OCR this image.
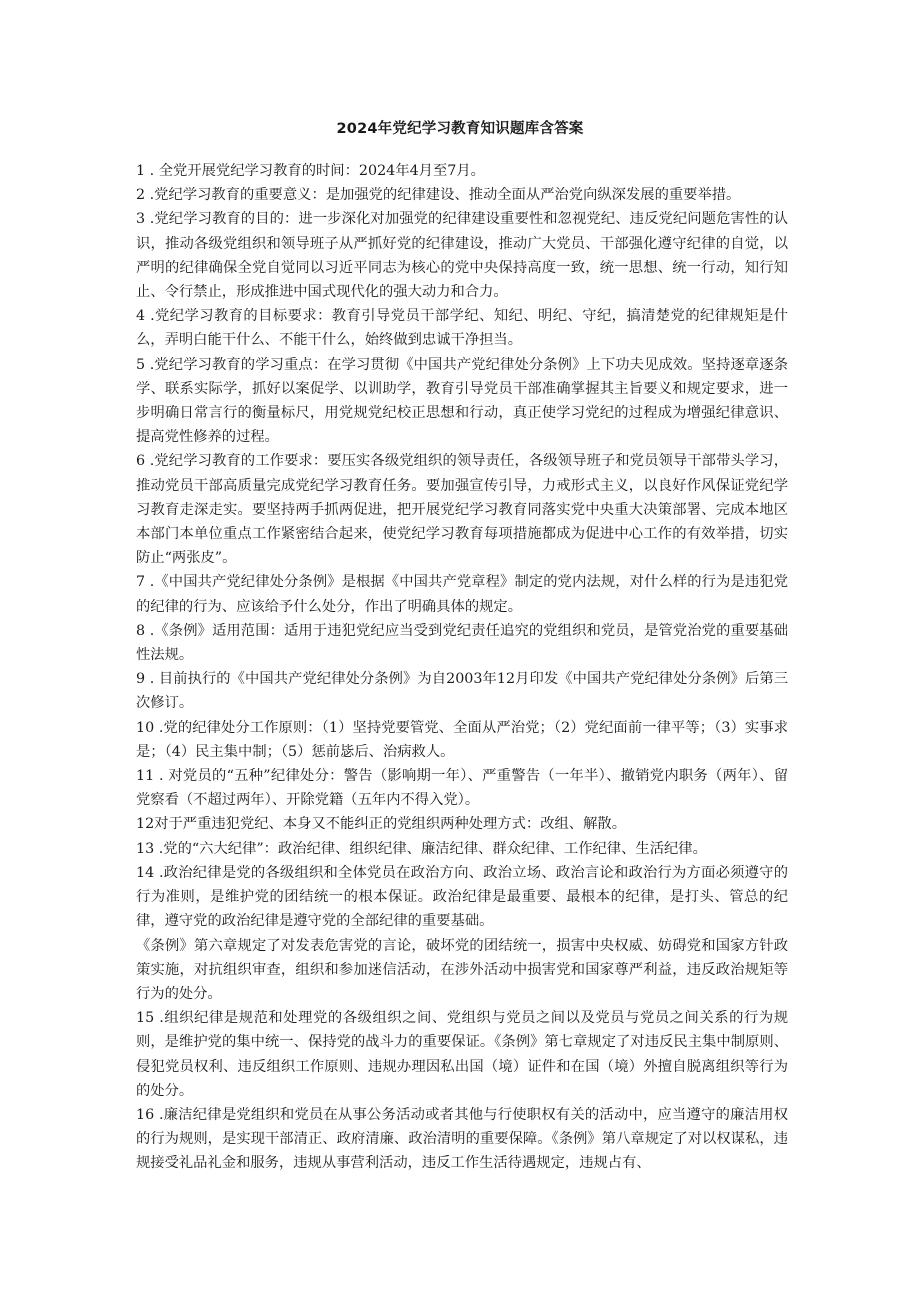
2024年党纪学习教育知识题库含答案

1 . 全党开展党纪学习教育的时间：2024年4月至7月。

2 .党纪学习教育的重要意义：是加强党的纪律建设、推动全面从严治党向纵深发展的重要举措。

3 .党纪学习教育的目的：进一步深化对加强党的纪律建设重要性和忽视党纪、违反党纪问题危害性的认识，推动各级党组织和领导班子从严抓好党的纪律建设，推动广大党员、干部强化遵守纪律的自觉，以严明的纪律确保全党自觉同以习近平同志为核心的党中央保持高度一致，统一思想、统一行动，知行知止、令行禁止，形成推进中国式现代化的强大动力和合力。

4 .党纪学习教育的目标要求：教育引导党员干部学纪、知纪、明纪、守纪，搞清楚党的纪律规矩是什么，弄明白能干什么、不能干什么，始终做到忠诚干净担当。

5 .党纪学习教育的学习重点：在学习贯彻《中国共产党纪律处分条例》上下功夫见成效。坚持逐章逐条学、联系实际学，抓好以案促学、以训助学，教育引导党员干部准确掌握其主旨要义和规定要求，进一步明确日常言行的衡量标尺，用党规党纪校正思想和行动，真正使学习党纪的过程成为增强纪律意识、提高党性修养的过程。

6 .党纪学习教育的工作要求：要压实各级党组织的领导责任，各级领导班子和党员领导干部带头学习，推动党员干部高质量完成党纪学习教育任务。要加强宣传引导，力戒形式主义，以良好作风保证党纪学习教育走深走实。要坚持两手抓两促进，把开展党纪学习教育同落实党中央重大决策部署、完成本地区本部门本单位重点工作紧密结合起来，使党纪学习教育每项措施都成为促进中心工作的有效举措，切实防止“两张皮”。

7 .《中国共产党纪律处分条例》是根据《中国共产党章程》制定的党内法规，对什么样的行为是违犯党的纪律的行为、应该给予什么处分，作出了明确具体的规定。

8 .《条例》适用范围：适用于违犯党纪应当受到党纪责任追究的党组织和党员，是管党治党的重要基础性法规。

9 . 目前执行的《中国共产党纪律处分条例》为自2003年12月印发《中国共产党纪律处分条例》后第三次修订。

10 .党的纪律处分工作原则：（1）坚持党要管党、全面从严治党；（2）党纪面前一律平等；（3）实事求是；（4）民主集中制；（5）惩前毖后、治病救人。

11 . 对党员的“五种”纪律处分：警告（影响期一年）、严重警告（一年半）、撤销党内职务（两年）、留党察看（不超过两年）、开除党籍（五年内不得入党）。

12对于严重违犯党纪、本身又不能纠正的党组织两种处理方式：改组、解散。

13 .党的“六大纪律”：政治纪律、组织纪律、廉洁纪律、群众纪律、工作纪律、生活纪律。

14 .政治纪律是党的各级组织和全体党员在政治方向、政治立场、政治言论和政治行为方面必须遵守的行为准则，是维护党的团结统一的根本保证。政治纪律是最重要、最根本的纪律，是打头、管总的纪律，遵守党的政治纪律是遵守党的全部纪律的重要基础。

《条例》第六章规定了对发表危害党的言论，破坏党的团结统一，损害中央权威、妨碍党和国家方针政策实施，对抗组织审查，组织和参加迷信活动，在涉外活动中损害党和国家尊严利益，违反政治规矩等行为的处分。

15 .组织纪律是规范和处理党的各级组织之间、党组织与党员之间以及党员与党员之间关系的行为规则，是维护党的集中统一、保持党的战斗力的重要保证。《条例》第七章规定了对违反民主集中制原则、侵犯党员权利、违反组织工作原则、违规办理因私出国（境）证件和在国（境）外擅自脱离组织等行为的处分。

16 .廉洁纪律是党组织和党员在从事公务活动或者其他与行使职权有关的活动中，应当遵守的廉洁用权的行为规则，是实现干部清正、政府清廉、政治清明的重要保障。《条例》第八章规定了对以权谋私，违规接受礼品礼金和服务，违规从事营利活动，违反工作生活待遇规定，违规占有、
